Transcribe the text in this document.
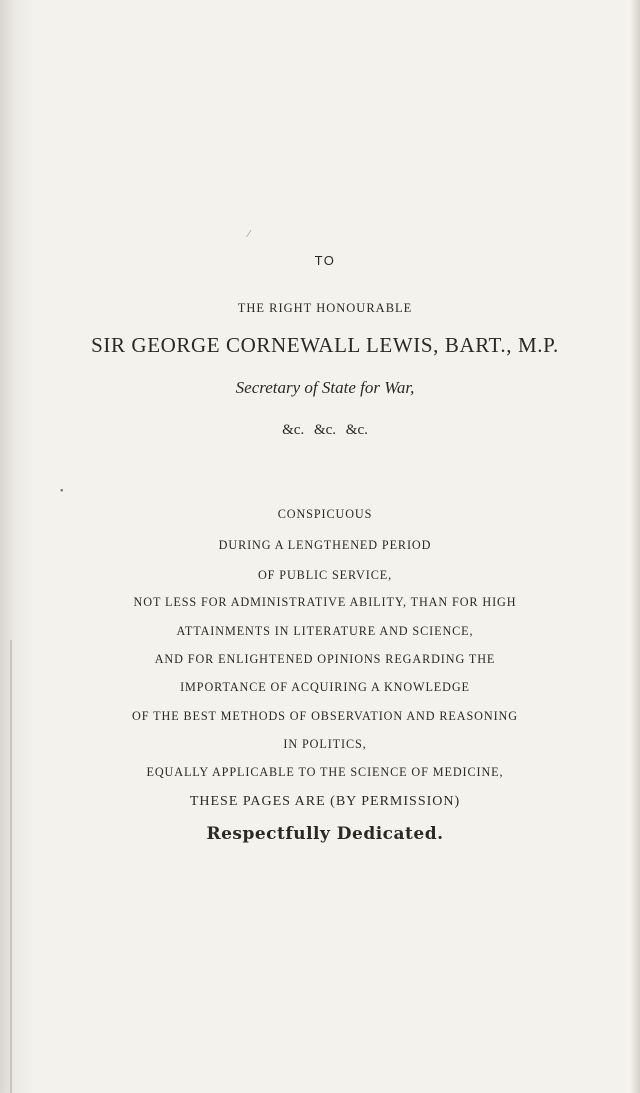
⁄
•
TO
THE RIGHT HONOURABLE
SIR GEORGE CORNEWALL LEWIS, BART., M.P.
Secretary of State for War,
&c. &c. &c.
CONSPICUOUS
DURING A LENGTHENED PERIOD
OF PUBLIC SERVICE,
NOT LESS FOR ADMINISTRATIVE ABILITY, THAN FOR HIGH
ATTAINMENTS IN LITERATURE AND SCIENCE,
AND FOR ENLIGHTENED OPINIONS REGARDING THE
IMPORTANCE OF ACQUIRING A KNOWLEDGE
OF THE BEST METHODS OF OBSERVATION AND REASONING
IN POLITICS,
EQUALLY APPLICABLE TO THE SCIENCE OF MEDICINE,
THESE PAGES ARE (BY PERMISSION)
Respectfully Dedicated.
